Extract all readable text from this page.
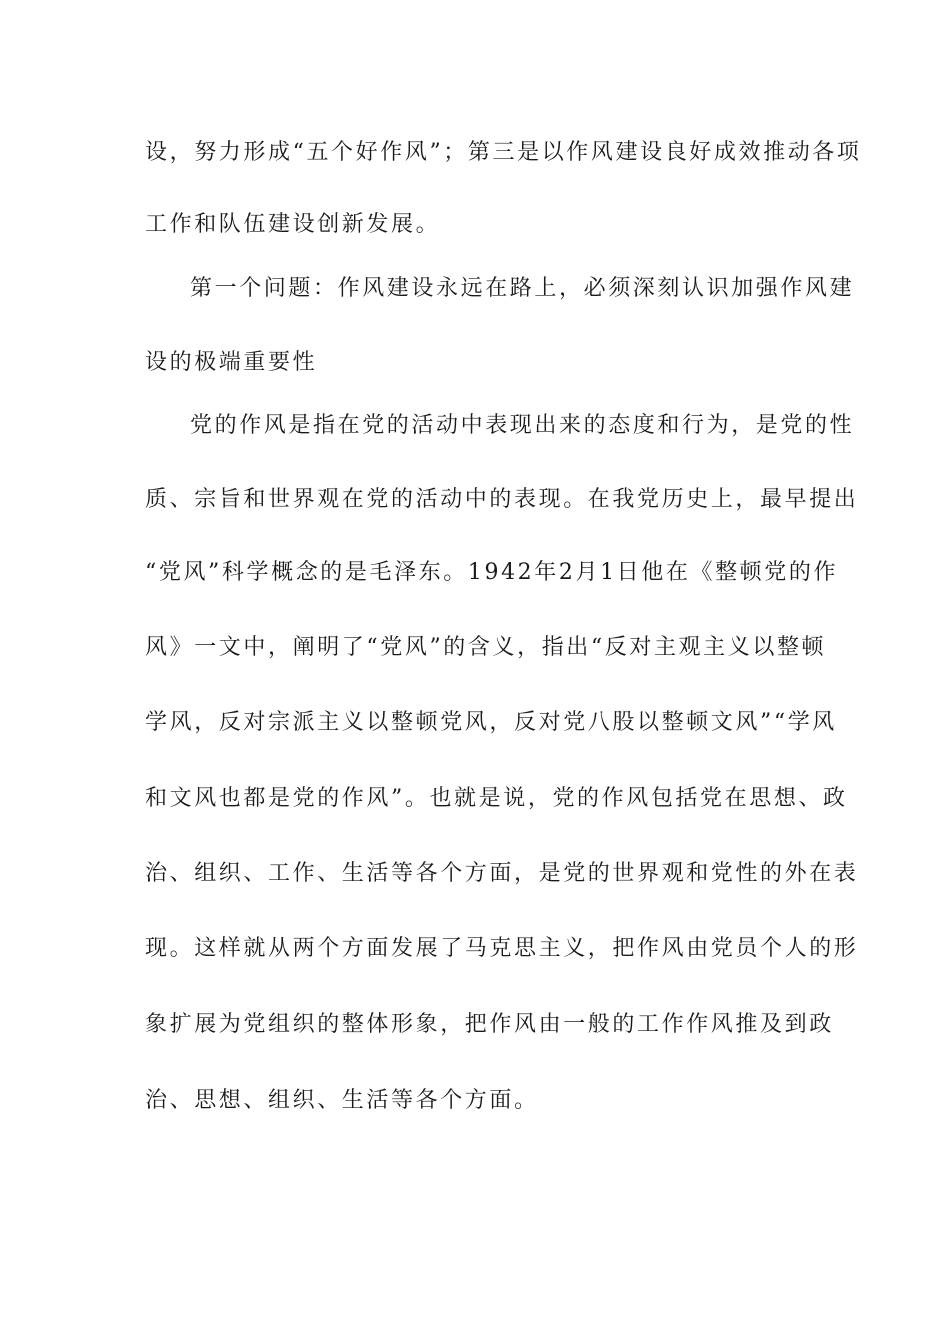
设，努力形成“五个好作风”；第三是以作风建设良好成效推动各项
工作和队伍建设创新发展。
第一个问题：作风建设永远在路上，必须深刻认识加强作风建
设的极端重要性
党的作风是指在党的活动中表现出来的态度和行为，是党的性
质、宗旨和世界观在党的活动中的表现。在我党历史上，最早提出
“党风”科学概念的是毛泽东。1942年2月1日他在《整顿党的作
风》一文中，阐明了“党风”的含义，指出“反对主观主义以整顿
学风，反对宗派主义以整顿党风，反对党八股以整顿文风”“学风
和文风也都是党的作风”。也就是说，党的作风包括党在思想、政
治、组织、工作、生活等各个方面，是党的世界观和党性的外在表
现。这样就从两个方面发展了马克思主义，把作风由党员个人的形
象扩展为党组织的整体形象，把作风由一般的工作作风推及到政
治、思想、组织、生活等各个方面。
